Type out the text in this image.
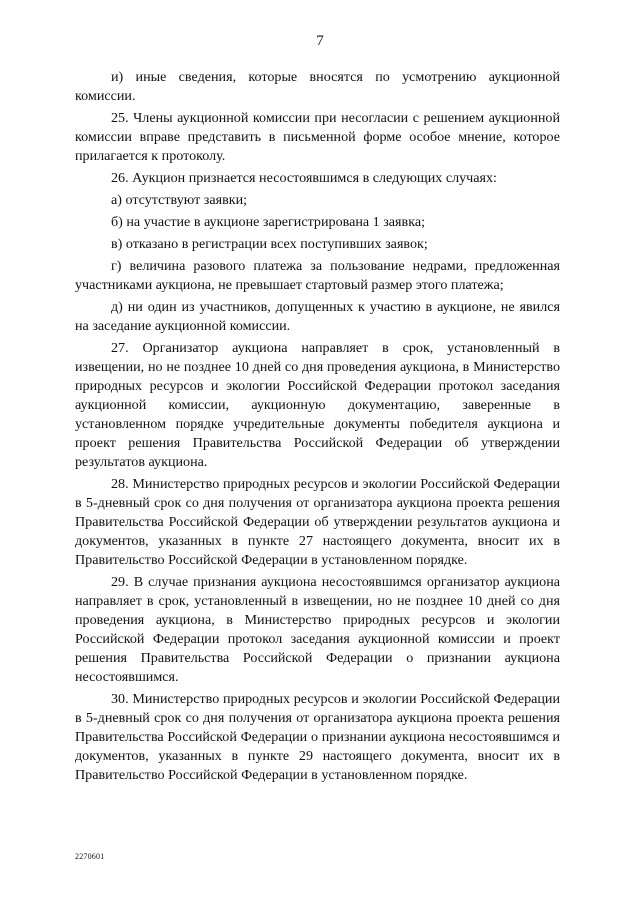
7

и) иные сведения, которые вносятся по усмотрению аукционной комиссии.

25. Члены аукционной комиссии при несогласии с решением аукционной комиссии вправе представить в письменной форме особое мнение, которое прилагается к протоколу.

26. Аукцион признается несостоявшимся в следующих случаях:

а) отсутствуют заявки;

б) на участие в аукционе зарегистрирована 1 заявка;

в) отказано в регистрации всех поступивших заявок;

г) величина разового платежа за пользование недрами, предложенная участниками аукциона, не превышает стартовый размер этого платежа;

д) ни один из участников, допущенных к участию в аукционе, не явился на заседание аукционной комиссии.

27. Организатор аукциона направляет в срок, установленный в извещении, но не позднее 10 дней со дня проведения аукциона, в Министерство природных ресурсов и экологии Российской Федерации протокол заседания аукционной комиссии, аукционную документацию, заверенные в установленном порядке учредительные документы победителя аукциона и проект решения Правительства Российской Федерации об утверждении результатов аукциона.

28. Министерство природных ресурсов и экологии Российской Федерации в 5-дневный срок со дня получения от организатора аукциона проекта решения Правительства Российской Федерации об утверждении результатов аукциона и документов, указанных в пункте 27 настоящего документа, вносит их в Правительство Российской Федерации в установленном порядке.

29. В случае признания аукциона несостоявшимся организатор аукциона направляет в срок, установленный в извещении, но не позднее 10 дней со дня проведения аукциона, в Министерство природных ресурсов и экологии Российской Федерации протокол заседания аукционной комиссии и проект решения Правительства Российской Федерации о признании аукциона несостоявшимся.

30. Министерство природных ресурсов и экологии Российской Федерации в 5-дневный срок со дня получения от организатора аукциона проекта решения Правительства Российской Федерации о признании аукциона несостоявшимся и документов, указанных в пункте 29 настоящего документа, вносит их в Правительство Российской Федерации в установленном порядке.

2270601
